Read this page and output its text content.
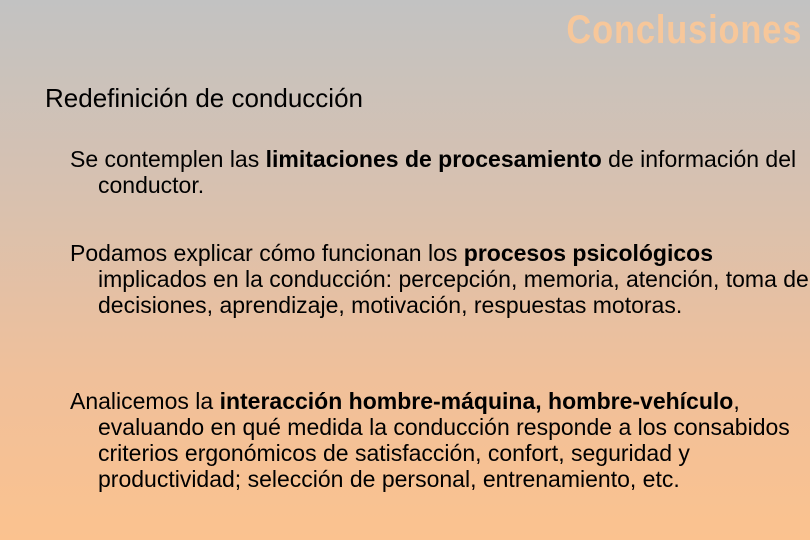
Conclusiones
Redefinición de conducción

Se contemplen las limitaciones de procesamiento de información del conductor.

Podamos explicar cómo funcionan los procesos psicológicos implicados en la conducción: percepción, memoria, atención, toma de decisiones, aprendizaje, motivación, respuestas motoras.

Analicemos la interacción hombre-máquina, hombre-vehículo, evaluando en qué medida la conducción responde a los consabidos criterios ergonómicos de satisfacción, confort, seguridad y productividad; selección de personal, entrenamiento, etc.
